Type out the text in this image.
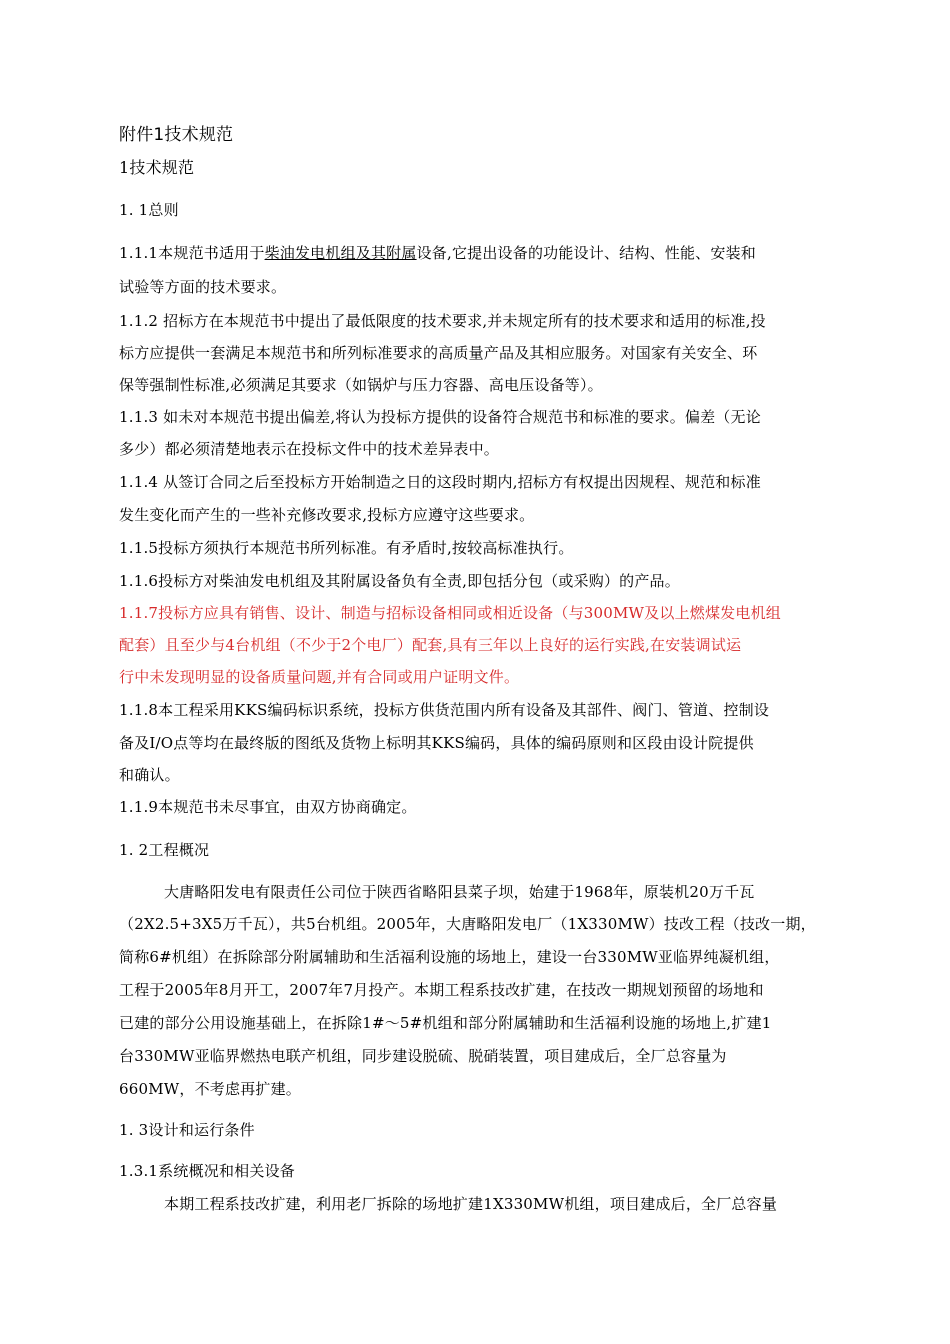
附件1技术规范
1技术规范
1. 1总则
1.1.1本规范书适用于柴油发电机组及其附属设备,它提出设备的功能设计、结构、性能、安装和
试验等方面的技术要求。
1.1.2 招标方在本规范书中提出了最低限度的技术要求,并未规定所有的技术要求和适用的标准,投
标方应提供一套满足本规范书和所列标准要求的高质量产品及其相应服务。对国家有关安全、环
保等强制性标准,必须满足其要求（如锅炉与压力容器、高电压设备等）。
1.1.3 如未对本规范书提出偏差,将认为投标方提供的设备符合规范书和标准的要求。偏差（无论
多少）都必须清楚地表示在投标文件中的技术差异表中。
1.1.4 从签订合同之后至投标方开始制造之日的这段时期内,招标方有权提出因规程、规范和标准
发生变化而产生的一些补充修改要求,投标方应遵守这些要求。
1.1.5投标方须执行本规范书所列标准。有矛盾时,按较高标准执行。
1.1.6投标方对柴油发电机组及其附属设备负有全责,即包括分包（或采购）的产品。
1.1.7投标方应具有销售、设计、制造与招标设备相同或相近设备（与300MW及以上燃煤发电机组
配套）且至少与4台机组（不少于2个电厂）配套,具有三年以上良好的运行实践,在安装调试运
行中未发现明显的设备质量问题,并有合同或用户证明文件。
1.1.8本工程采用KKS编码标识系统，投标方供货范围内所有设备及其部件、阀门、管道、控制设
备及I/O点等均在最终版的图纸及货物上标明其KKS编码，具体的编码原则和区段由设计院提供
和确认。
1.1.9本规范书未尽事宜，由双方协商确定。
1. 2工程概况
大唐略阳发电有限责任公司位于陕西省略阳县菜子坝，始建于1968年，原装机20万千瓦
（2X2.5+3X5万千瓦），共5台机组。2005年，大唐略阳发电厂（1X330MW）技改工程（技改一期，
简称6#机组）在拆除部分附属辅助和生活福利设施的场地上，建设一台330MW亚临界纯凝机组，
工程于2005年8月开工，2007年7月投产。本期工程系技改扩建，在技改一期规划预留的场地和
已建的部分公用设施基础上，在拆除1#〜5#机组和部分附属辅助和生活福利设施的场地上,扩建1
台330MW亚临界燃热电联产机组，同步建设脱硫、脱硝装置，项目建成后，全厂总容量为
660MW，不考虑再扩建。
1. 3设计和运行条件
1.3.1系统概况和相关设备
本期工程系技改扩建，利用老厂拆除的场地扩建1X330MW机组，项目建成后，全厂总容量
